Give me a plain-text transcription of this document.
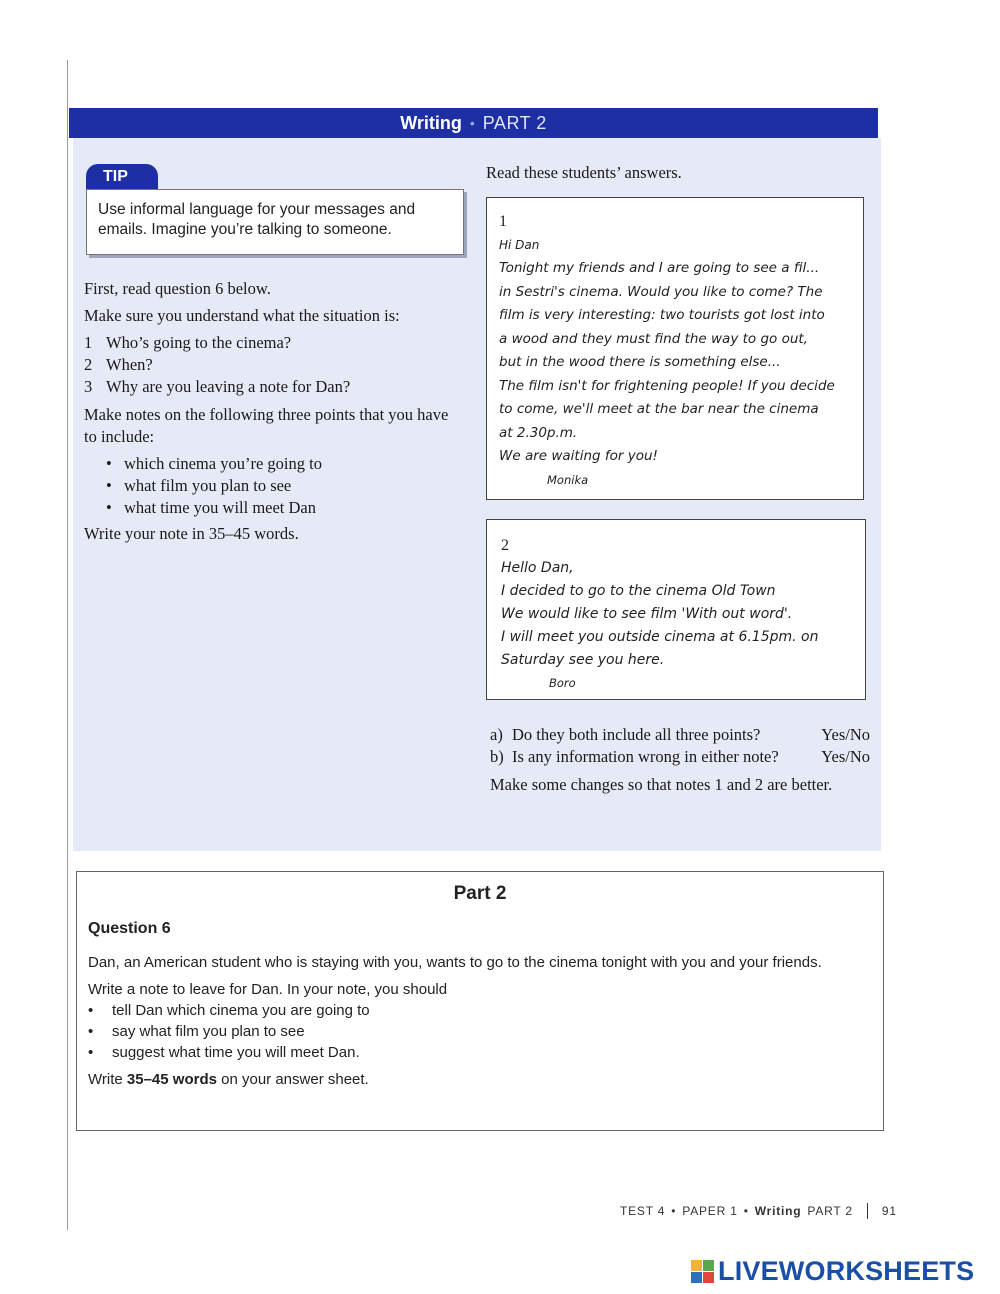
Writing • PART 2
TIP
Use informal language for your messages and emails. Imagine you’re talking to someone.

First, read question 6 below.

Make sure you understand what the situation is:

1 Who’s going to the cinema?
2 When?
3 Why are you leaving a note for Dan?

Make notes on the following three points that you have to include:

• which cinema you’re going to
• what film you plan to see
• what time you will meet Dan

Write your note in 35–45 words.

Read these students’ answers.
1
Hi Dan
Tonight my friends and I are going to see a fil...
in Sestri's cinema. Would you like to come? The
film is very interesting: two tourists got lost into
a wood and they must find the way to go out,
but in the wood there is something else...
The film isn't for frightening people! If you decide
to come, we'll meet at the bar near the cinema
at 2.30p.m.
We are waiting for you!
Monika
2
Hello Dan,
I decided to go to the cinema Old Town
We would like to see film 'With out word'.
I will meet you outside cinema at 6.15pm. on
Saturday see you here.
Boro
a) Do they both include all three points?	Yes/No
b) Is any information wrong in either note?	Yes/No

Make some changes so that notes 1 and 2 are better.

Part 2
Question 6

Dan, an American student who is staying with you, wants to go to the cinema tonight with you and your friends.

Write a note to leave for Dan. In your note, you should

•	tell Dan which cinema you are going to
•	say what film you plan to see
•	suggest what time you will meet Dan.

Write 35–45 words on your answer sheet.

TEST 4 • PAPER 1 • Writing PART 2 91
LIVEWORKSHEETS
